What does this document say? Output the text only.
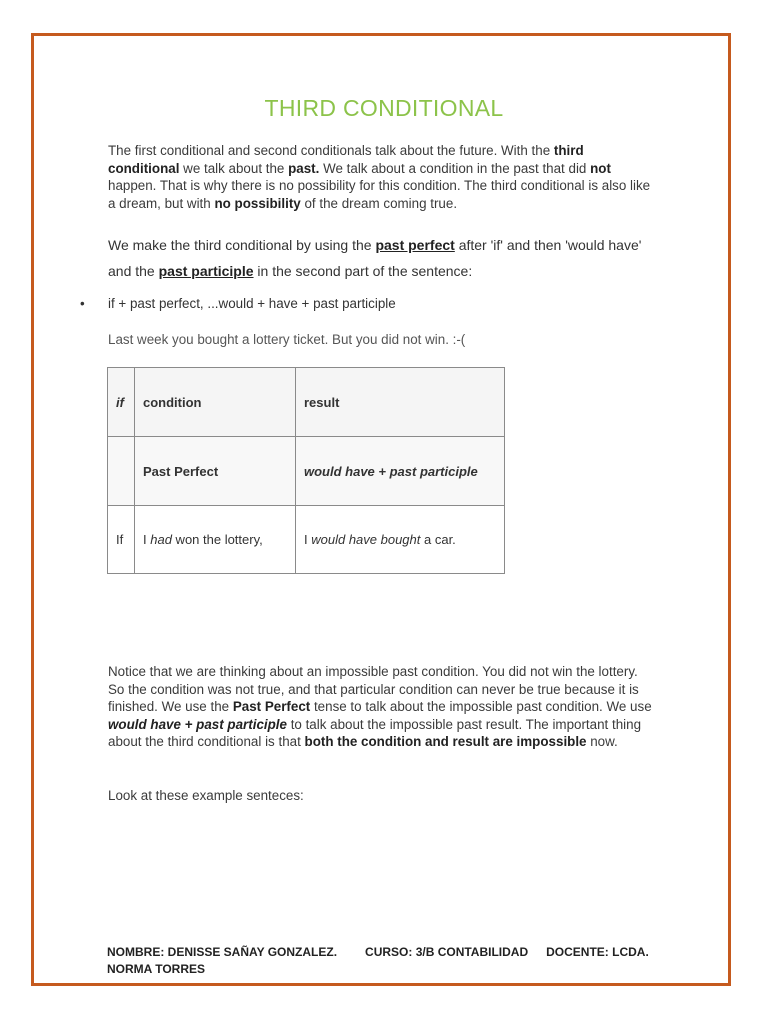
THIRD CONDITIONAL
The first conditional and second conditionals talk about the future. With the third conditional we talk about the past. We talk about a condition in the past that did not happen. That is why there is no possibility for this condition. The third conditional is also like a dream, but with no possibility of the dream coming true.
We make the third conditional by using the past perfect after 'if' and then 'would have' and the past participle in the second part of the sentence:
• if + past perfect, ...would + have + past participle
Last week you bought a lottery ticket. But you did not win. :-(
if	condition	result
	Past Perfect	would have + past participle
If	I had won the lottery,	I would have bought a car.
Notice that we are thinking about an impossible past condition. You did not win the lottery. So the condition was not true, and that particular condition can never be true because it is finished. We use the Past Perfect tense to talk about the impossible past condition. We use would have + past participle to talk about the impossible past result. The important thing about the third conditional is that both the condition and result are impossible now.
Look at these example senteces:
NOMBRE: DENISSE SAÑAY GONZALEZ. CURSO: 3/B CONTABILIDAD DOCENTE: LCDA. NORMA TORRES
